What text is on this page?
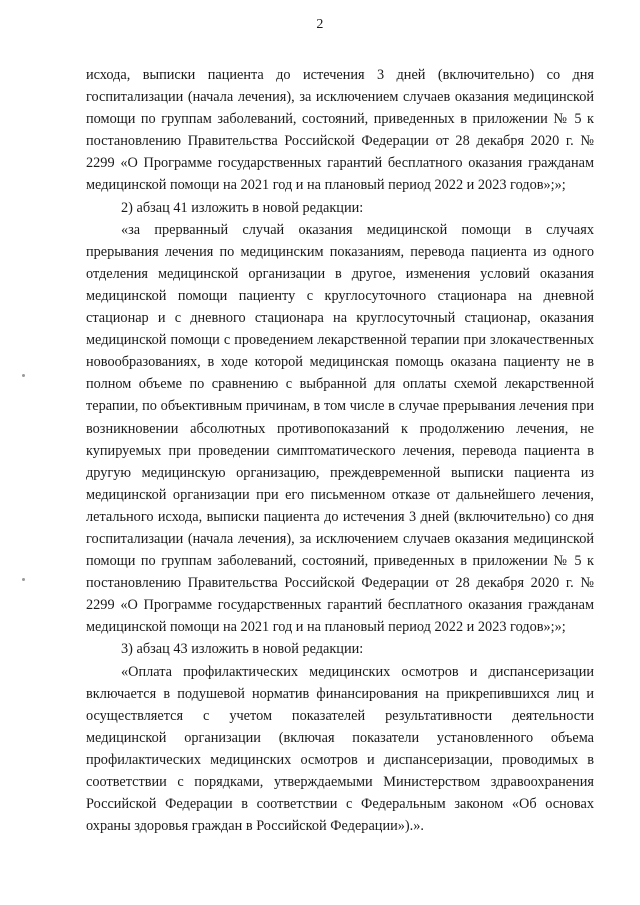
2

исхода, выписки пациента до истечения 3 дней (включительно) со дня госпитализации (начала лечения), за исключением случаев оказания медицинской помощи по группам заболеваний, состояний, приведенных в приложении № 5 к постановлению Правительства Российской Федерации от 28 декабря 2020 г. № 2299 «О Программе государственных гарантий бесплатного оказания гражданам медицинской помощи на 2021 год и на плановый период 2022 и 2023 годов»;»;

2) абзац 41 изложить в новой редакции:

«за прерванный случай оказания медицинской помощи в случаях прерывания лечения по медицинским показаниям, перевода пациента из одного отделения медицинской организации в другое, изменения условий оказания медицинской помощи пациенту с круглосуточного стационара на дневной стационар и с дневного стационара на круглосуточный стационар, оказания медицинской помощи с проведением лекарственной терапии при злокачественных новообразованиях, в ходе которой медицинская помощь оказана пациенту не в полном объеме по сравнению с выбранной для оплаты схемой лекарственной терапии, по объективным причинам, в том числе в случае прерывания лечения при возникновении абсолютных противопоказаний к продолжению лечения, не купируемых при проведении симптоматического лечения, перевода пациента в другую медицинскую организацию, преждевременной выписки пациента из медицинской организации при его письменном отказе от дальнейшего лечения, летального исхода, выписки пациента до истечения 3 дней (включительно) со дня госпитализации (начала лечения), за исключением случаев оказания медицинской помощи по группам заболеваний, состояний, приведенных в приложении № 5 к постановлению Правительства Российской Федерации от 28 декабря 2020 г. № 2299 «О Программе государственных гарантий бесплатного оказания гражданам медицинской помощи на 2021 год и на плановый период 2022 и 2023 годов»;»;

3) абзац 43 изложить в новой редакции:

«Оплата профилактических медицинских осмотров и диспансеризации включается в подушевой норматив финансирования на прикрепившихся лиц и осуществляется с учетом показателей результативности деятельности медицинской организации (включая показатели установленного объема профилактических медицинских осмотров и диспансеризации, проводимых в соответствии с порядками, утверждаемыми Министерством здравоохранения Российской Федерации в соответствии с Федеральным законом «Об основах охраны здоровья граждан в Российской Федерации»).».
